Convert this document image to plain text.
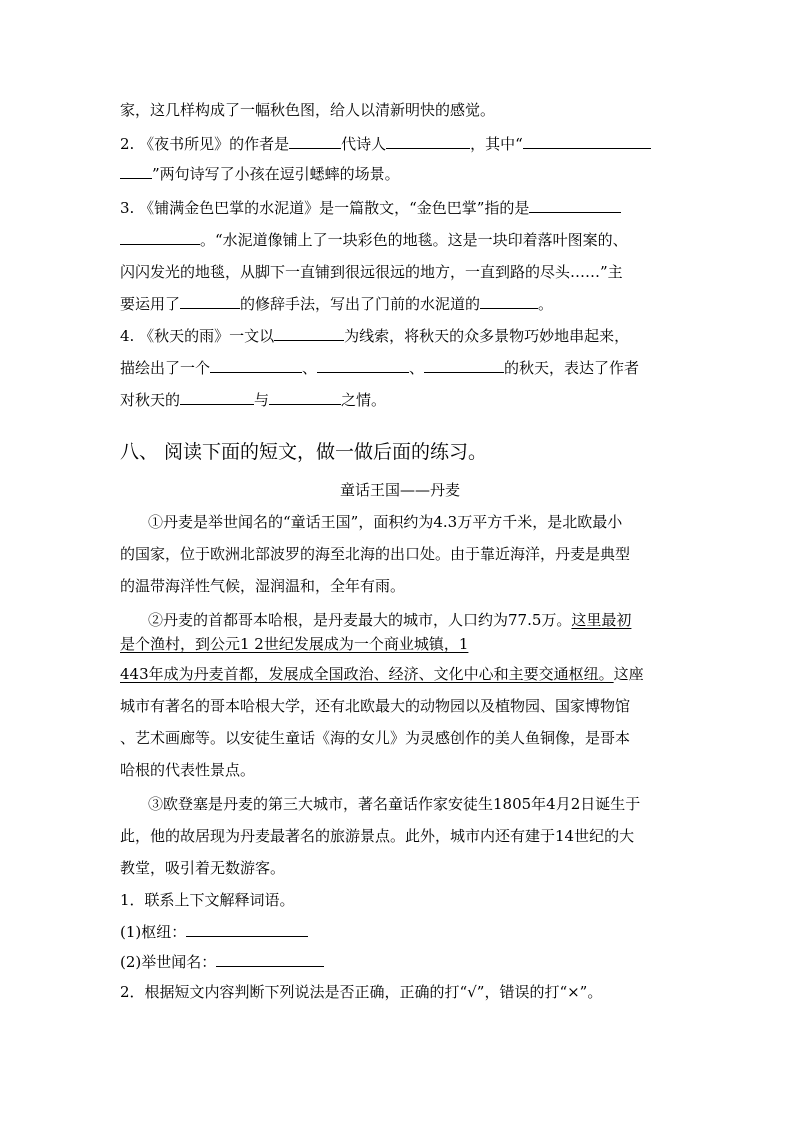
家，这几样构成了一幅秋色图，给人以清新明快的感觉。
2. 《夜书所见》的作者是	代诗人	，其中“
”两句诗写了小孩在逗引蟋蟀的场景。
3. 《铺满金色巴掌的水泥道》是一篇散文，“金色巴掌”指的是
。“水泥道像铺上了一块彩色的地毯。这是一块印着落叶图案的、
闪闪发光的地毯，从脚下一直铺到很远很远的地方，一直到路的尽头……”主
要运用了	的修辞手法，写出了门前的水泥道的	。
4. 《秋天的雨》一文以	为线索，将秋天的众多景物巧妙地串起来，
描绘出了一个	、	、	的秋天，表达了作者
对秋天的	与	之情。
八、 阅读下面的短文，做一做后面的练习。
童话王国——丹麦
①丹麦是举世闻名的“童话王国”，面积约为4.3万平方千米，是北欧最小
的国家，位于欧洲北部波罗的海至北海的出口处。由于靠近海洋，丹麦是典型
的温带海洋性气候，湿润温和，全年有雨。
②丹麦的首都哥本哈根，是丹麦最大的城市，人口约为77.5万。这里最初
是个渔村，到公元1 2世纪发展成为一个商业城镇，1
443年成为丹麦首都，发展成全国政治、经济、文化中心和主要交通枢纽。这座
城市有著名的哥本哈根大学，还有北欧最大的动物园以及植物园、国家博物馆
、艺术画廊等。以安徒生童话《海的女儿》为灵感创作的美人鱼铜像，是哥本
哈根的代表性景点。
③欧登塞是丹麦的第三大城市，著名童话作家安徒生1805年4月2日诞生于
此，他的故居现为丹麦最著名的旅游景点。此外，城市内还有建于14世纪的大
教堂，吸引着无数游客。
1．联系上下文解释词语。
(1)枢纽：
(2)举世闻名：
2．根据短文内容判断下列说法是否正确，正确的打“√”，错误的打“×”。
